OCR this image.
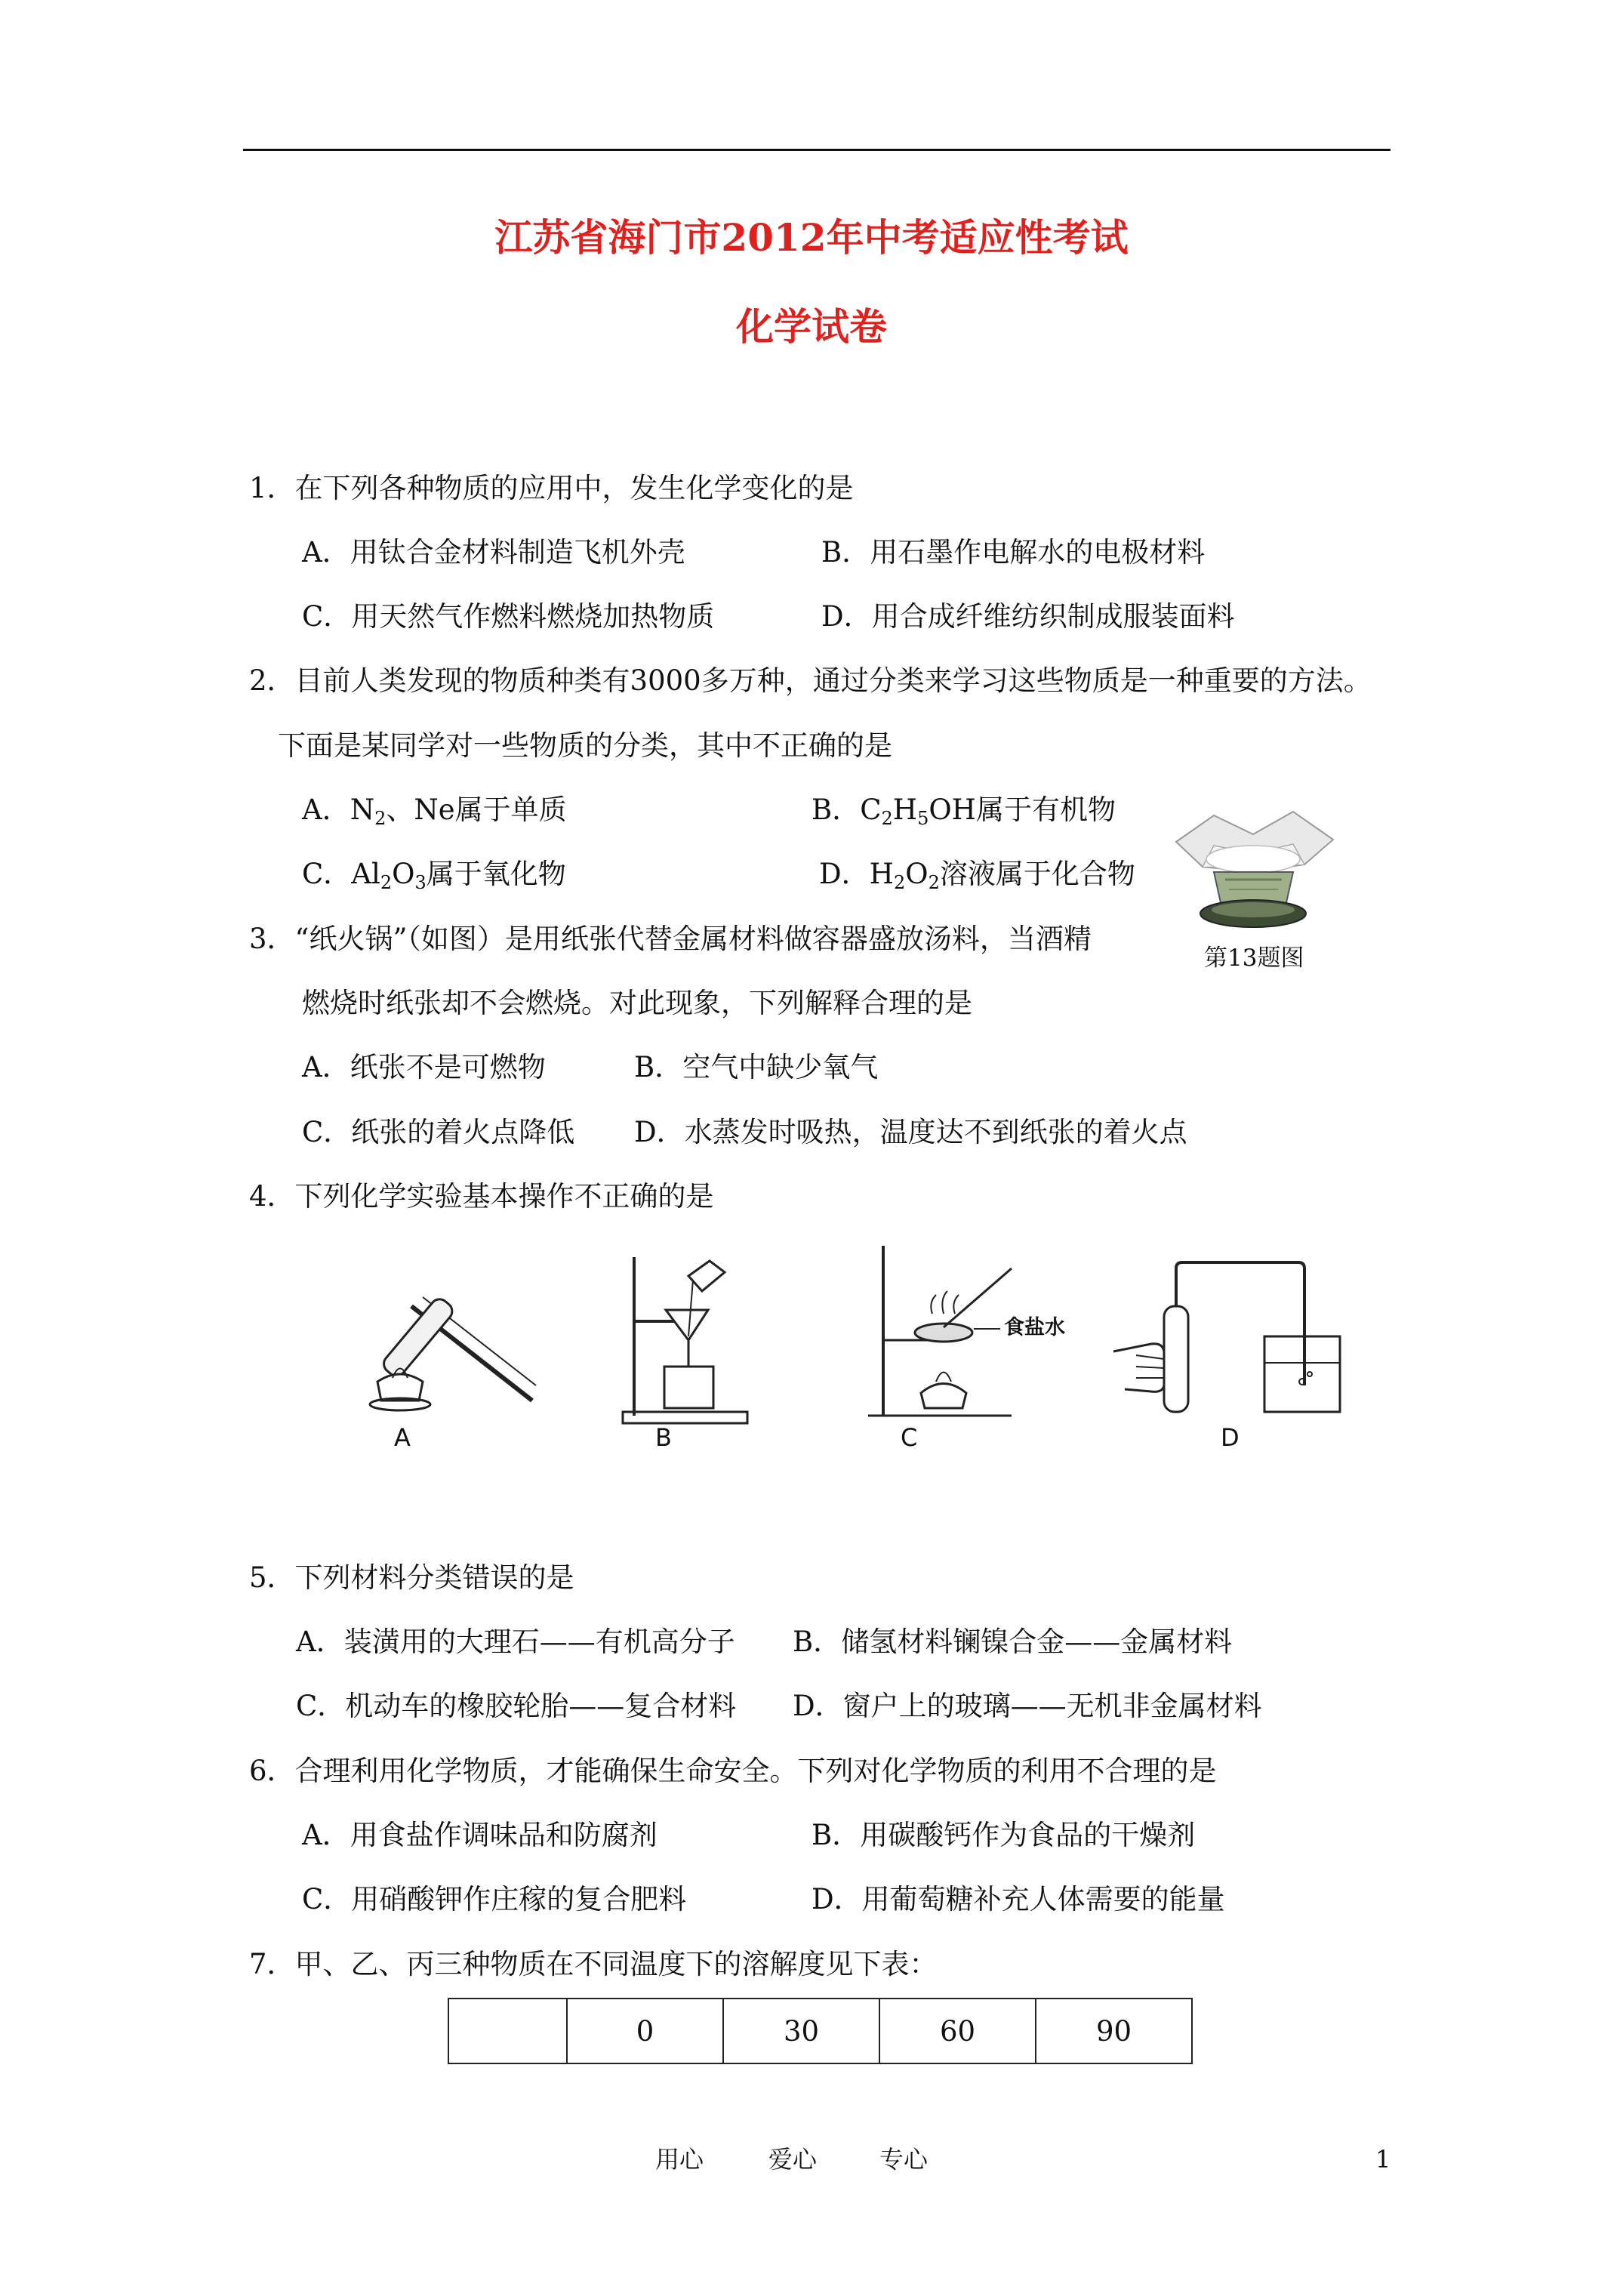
江苏省海门市2012年中考适应性考试
化学试卷
1．在下列各种物质的应用中，发生化学变化的是
A．用钛合金材料制造飞机外壳	B．用石墨作电解水的电极材料
C．用天然气作燃料燃烧加热物质	D．用合成纤维纺织制成服装面料
2．目前人类发现的物质种类有3000多万种，通过分类来学习这些物质是一种重要的方法。
下面是某同学对一些物质的分类，其中不正确的是
A．$N_2$、Ne属于单质	B．$C_2H_5OH$属于有机物
C．$Al_2O_3$属于氧化物	D．$H_2O_2$溶液属于化合物
第13题图
3．“纸火锅”（如图）是用纸张代替金属材料做容器盛放汤料，当酒精
燃烧时纸张却不会燃烧。对此现象，下列解释合理的是
A．纸张不是可燃物	B．空气中缺少氧气
C．纸张的着火点降低 D．水蒸发时吸热，温度达不到纸张的着火点
4．下列化学实验基本操作不正确的是
A	B
食盐水
C	D
5．下列材料分类错误的是
A．装潢用的大理石——有机高分子 B．储氢材料镧镍合金——金属材料
C．机动车的橡胶轮胎——复合材料 D．窗户上的玻璃——无机非金属材料
6．合理利用化学物质，才能确保生命安全。下列对化学物质的利用不合理的是
A．用食盐作调味品和防腐剂	B．用碳酸钙作为食品的干燥剂
C．用硝酸钾作庄稼的复合肥料	D．用葡萄糖补充人体需要的能量
7．甲、乙、丙三种物质在不同温度下的溶解度见下表：
	0	30	60	90
用心	爱心	专心	1
